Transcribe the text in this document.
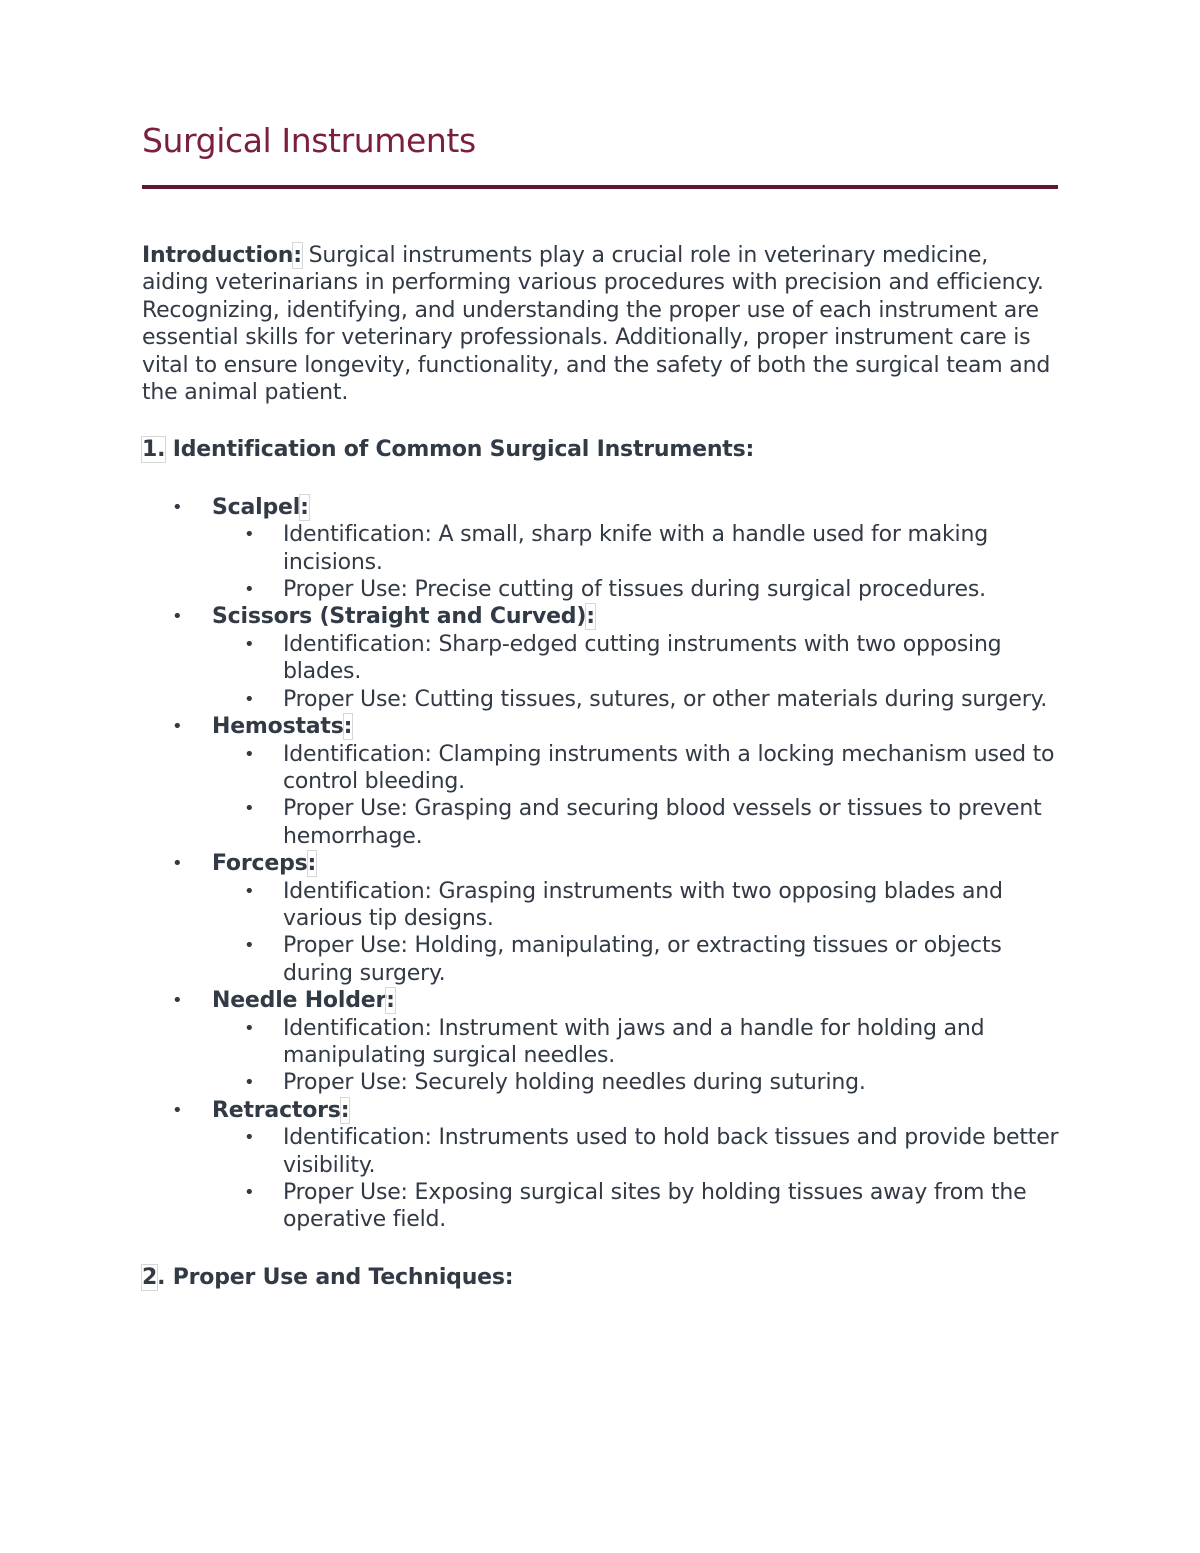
Surgical Instruments

Introduction: Surgical instruments play a crucial role in veterinary medicine, aiding veterinarians in performing various procedures with precision and efficiency. Recognizing, identifying, and understanding the proper use of each instrument are essential skills for veterinary professionals. Additionally, proper instrument care is vital to ensure longevity, functionality, and the safety of both the surgical team and the animal patient.

1. Identification of Common Surgical Instruments:

• Scalpel:
• Identification: A small, sharp knife with a handle used for making incisions.
• Proper Use: Precise cutting of tissues during surgical procedures.
• Scissors (Straight and Curved):
• Identification: Sharp-edged cutting instruments with two opposing blades.
• Proper Use: Cutting tissues, sutures, or other materials during surgery.
• Hemostats:
• Identification: Clamping instruments with a locking mechanism used to control bleeding.
• Proper Use: Grasping and securing blood vessels or tissues to prevent hemorrhage.
• Forceps:
• Identification: Grasping instruments with two opposing blades and various tip designs.
• Proper Use: Holding, manipulating, or extracting tissues or objects during surgery.
• Needle Holder:
• Identification: Instrument with jaws and a handle for holding and manipulating surgical needles.
• Proper Use: Securely holding needles during suturing.
• Retractors:
• Identification: Instruments used to hold back tissues and provide better visibility.
• Proper Use: Exposing surgical sites by holding tissues away from the operative field.

2. Proper Use and Techniques:
